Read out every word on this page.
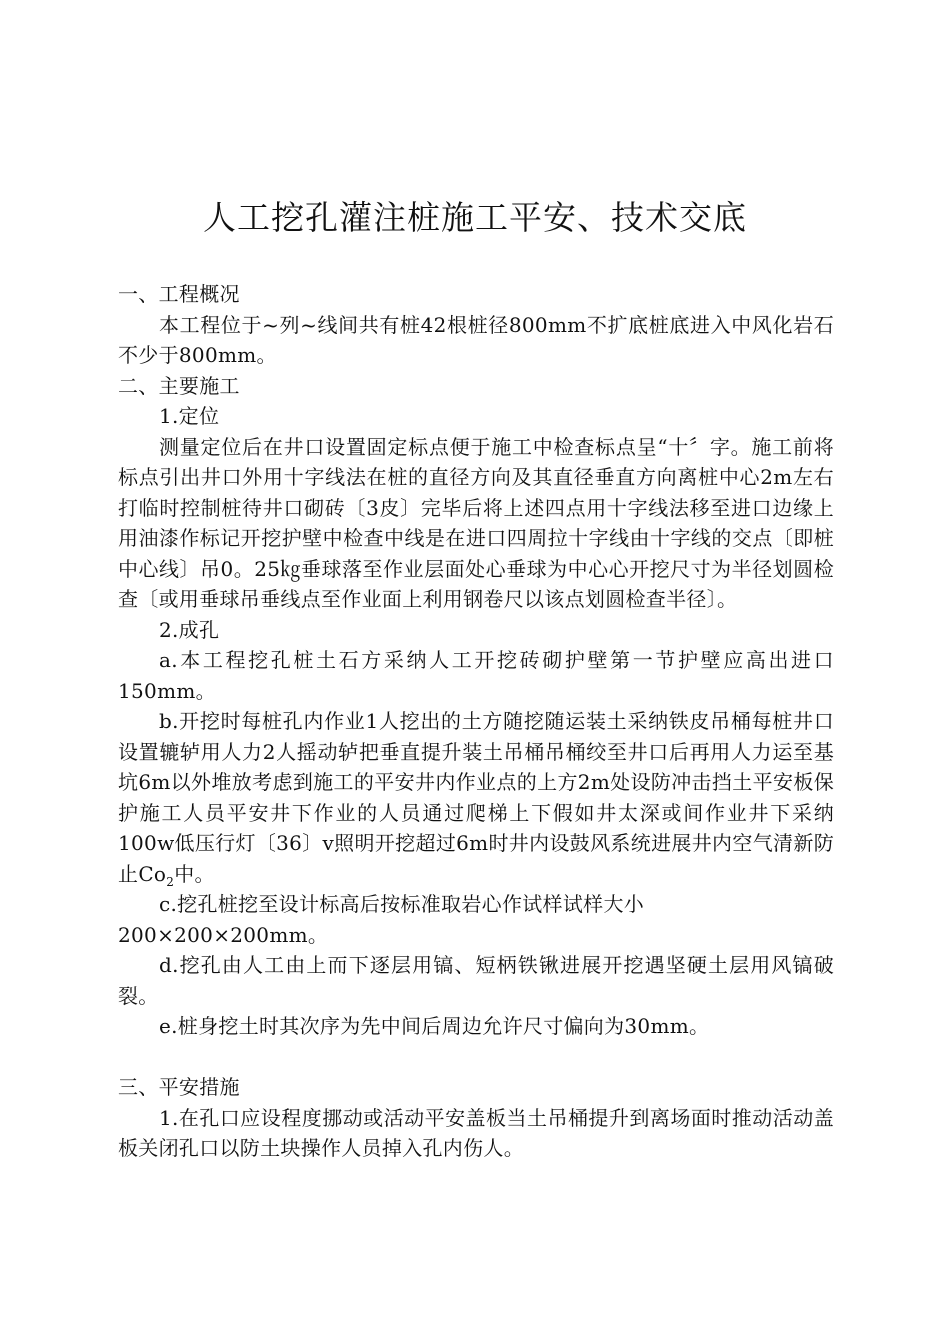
人工挖孔灌注桩施工平安、技术交底

一、工程概况

本工程位于~列~线间共有桩42根桩径800mm不扩底桩底进入中风化岩石不少于800mm。

二、主要施工

1.定位

测量定位后在井口设置固定标点便于施工中检查标点呈“十〞字。施工前将标点引出井口外用十字线法在桩的直径方向及其直径垂直方向离桩中心2m左右打临时控制桩待井口砌砖〔3皮〕完毕后将上述四点用十字线法移至进口边缘上用油漆作标记开挖护壁中检查中线是在进口四周拉十字线由十字线的交点〔即桩中心线〕吊0。25㎏垂球落至作业层面处心垂球为中心心开挖尺寸为半径划圆检查〔或用垂球吊垂线点至作业面上利用钢卷尺以该点划圆检查半径〕。

2.成孔

a.本工程挖孔桩土石方采纳人工开挖砖砌护壁第一节护壁应高出进口150mm。

b.开挖时每桩孔内作业1人挖出的土方随挖随运装土采纳铁皮吊桶每桩井口设置辘轳用人力2人摇动轳把垂直提升装土吊桶吊桶绞至井口后再用人力运至基坑6m以外堆放考虑到施工的平安井内作业点的上方2m处设防冲击挡土平安板保护施工人员平安井下作业的人员通过爬梯上下假如井太深或间作业井下采纳100w低压行灯〔36〕v照明开挖超过6m时井内设鼓风系统进展井内空气清新防止$Co_2$中。

c.挖孔桩挖至设计标高后按标准取岩心作试样试样大小

200×200×200mm。

d.挖孔由人工由上而下逐层用镐、短柄铁锹进展开挖遇坚硬土层用风镐破裂。

e.桩身挖土时其次序为先中间后周边允许尺寸偏向为30mm。

三、平安措施

1.在孔口应设程度挪动或活动平安盖板当土吊桶提升到离场面时推动活动盖板关闭孔口以防土块操作人员掉入孔内伤人。
